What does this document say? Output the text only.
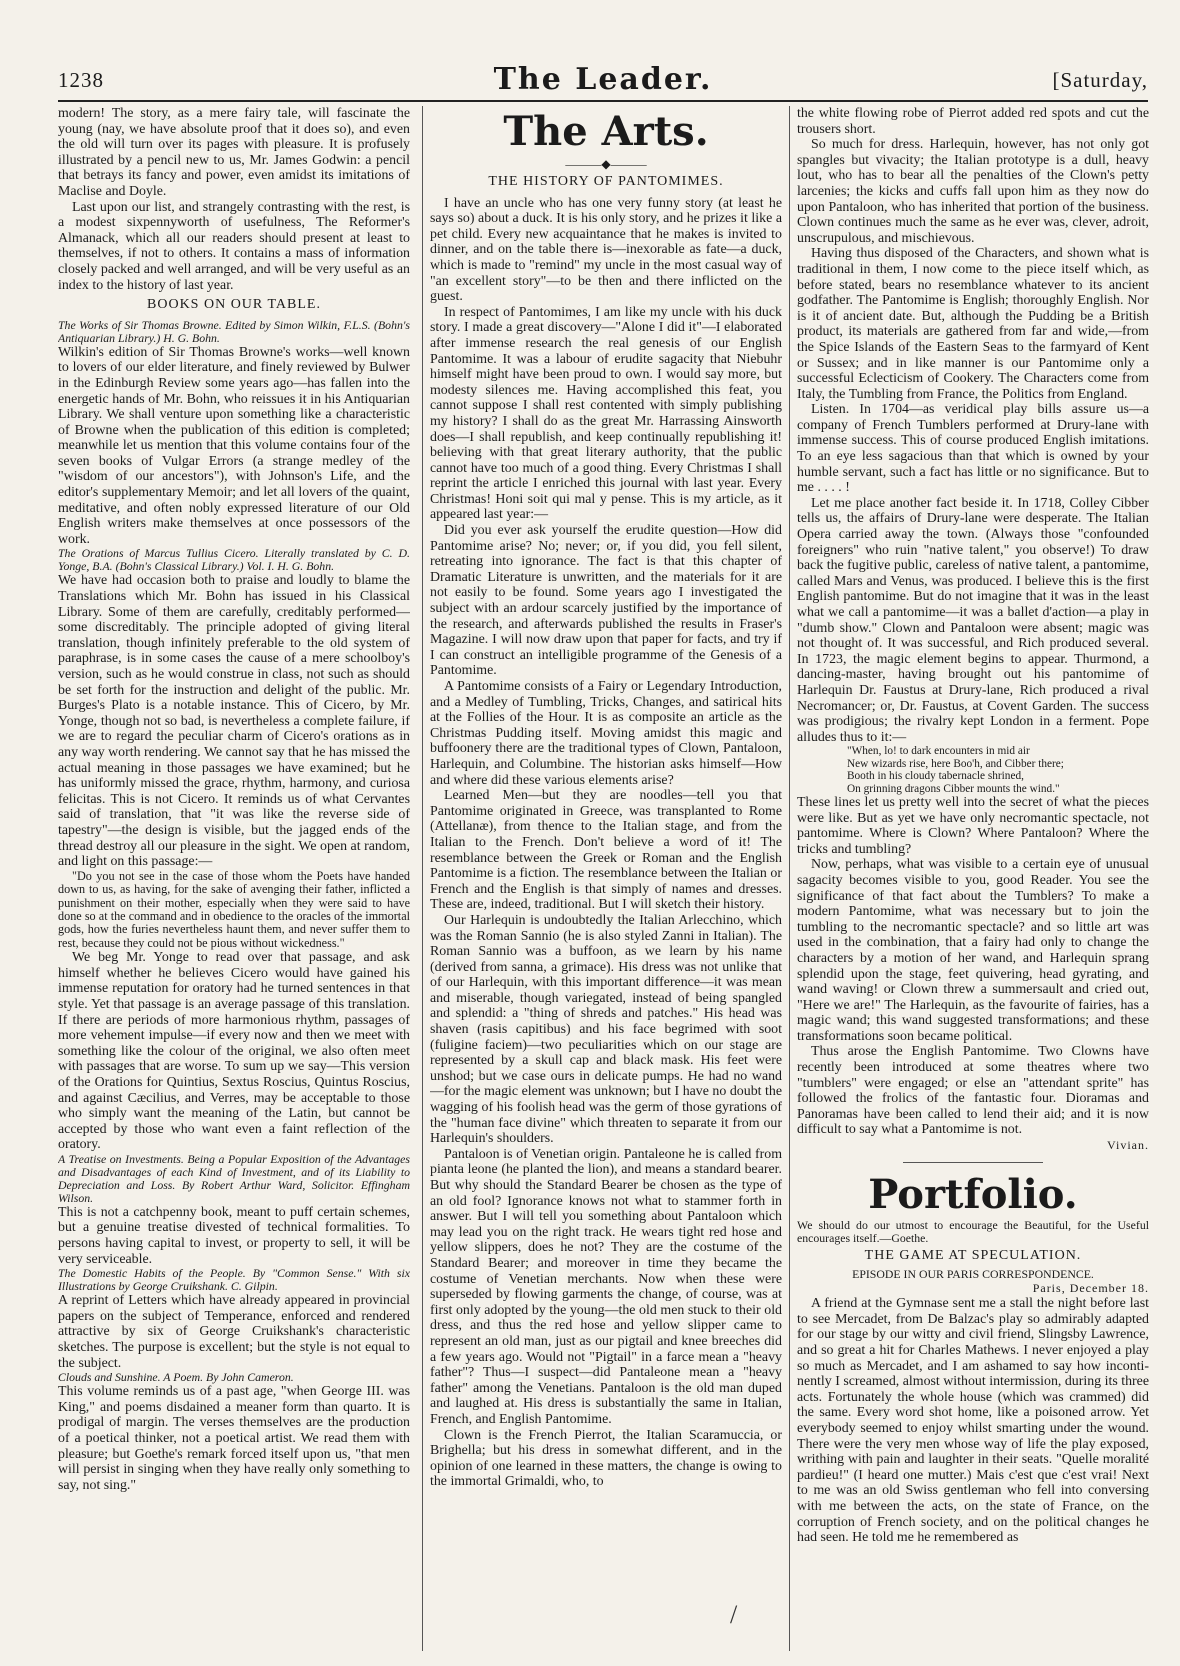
1238	The Leader.	[Saturday,

modern! The story, as a mere fairy tale, will fascinate the young (nay, we have absolute proof that it does so), and even the old will turn over its pages with pleasure. It is profusely illustrated by a pencil new to us, Mr. James Godwin: a pencil that betrays its fancy and power, even amidst its imitations of Maclise and Doyle.

Last upon our list, and strangely contrasting with the rest, is a modest sixpennyworth of usefulness, The Reformer's Almanack, which all our readers should present at least to themselves, if not to others. It contains a mass of information closely packed and well arranged, and will be very useful as an index to the history of last year.

BOOKS ON OUR TABLE.

The Works of Sir Thomas Browne. Edited by Simon Wilkin, F.L.S. (Bohn's Antiquarian Library.) H. G. Bohn.

Wilkin's edition of Sir Thomas Browne's works—well known to lovers of our elder literature, and finely reviewed by Bulwer in the Edinburgh Review some years ago—has fallen into the energetic hands of Mr. Bohn, who reissues it in his Antiquarian Library. We shall venture upon something like a characteristic of Browne when the publication of this edition is completed; meanwhile let us mention that this volume contains four of the seven books of Vulgar Errors (a strange medley of the "wisdom of our ancestors"), with Johnson's Life, and the editor's supplementary Memoir; and let all lovers of the quaint, meditative, and often nobly expressed literature of our Old English writers make themselves at once possessors of the work.

The Orations of Marcus Tullius Cicero. Literally translated by C. D. Yonge, B.A. (Bohn's Classical Library.) Vol. I. H. G. Bohn.

We have had occasion both to praise and loudly to blame the Translations which Mr. Bohn has issued in his Classical Library. Some of them are carefully, creditably performed—some discreditably. The principle adopted of giving literal translation, though infinitely preferable to the old system of paraphrase, is in some cases the cause of a mere schoolboy's version, such as he would construe in class, not such as should be set forth for the instruction and delight of the public. Mr. Burges's Plato is a notable instance. This of Cicero, by Mr. Yonge, though not so bad, is nevertheless a complete failure, if we are to regard the peculiar charm of Cicero's orations as in any way worth rendering. We cannot say that he has missed the actual meaning in those passages we have examined; but he has uniformly missed the grace, rhythm, harmony, and curiosa felicitas. This is not Cicero. It reminds us of what Cervantes said of translation, that "it was like the reverse side of tapestry"—the design is visible, but the jagged ends of the thread destroy all our pleasure in the sight. We open at random, and light on this passage:—

"Do you not see in the case of those whom the Poets have handed down to us, as having, for the sake of avenging their father, inflicted a punishment on their mother, especially when they were said to have done so at the command and in obedience to the oracles of the immortal gods, how the furies nevertheless haunt them, and never suffer them to rest, because they could not be pious without wickedness."

We beg Mr. Yonge to read over that passage, and ask himself whether he believes Cicero would have gained his immense reputation for oratory had he turned sentences in that style. Yet that passage is an average passage of this translation. If there are periods of more harmonious rhythm, passages of more vehement impulse—if every now and then we meet with something like the colour of the original, we also often meet with passages that are worse. To sum up we say—This version of the Orations for Quintius, Sextus Roscius, Quintus Roscius, and against Cæcilius, and Verres, may be acceptable to those who simply want the meaning of the Latin, but cannot be accepted by those who want even a faint reflection of the oratory.

A Treatise on Investments. Being a Popular Exposition of the Advantages and Disadvantages of each Kind of Investment, and of its Liability to Depreciation and Loss. By Robert Arthur Ward, Solicitor. Effingham Wilson.

This is not a catchpenny book, meant to puff certain schemes, but a genuine treatise divested of technical formalities. To persons having capital to invest, or property to sell, it will be very serviceable.

The Domestic Habits of the People. By "Common Sense." With six Illustrations by George Cruikshank. C. Gilpin.

A reprint of Letters which have already appeared in provincial papers on the subject of Temperance, enforced and rendered attractive by six of George Cruikshank's characteristic sketches. The purpose is excellent; but the style is not equal to the subject.

Clouds and Sunshine. A Poem. By John Cameron.

This volume reminds us of a past age, "when George III. was King," and poems disdained a meaner form than quarto. It is prodigal of margin. The verses themselves are the production of a poetical thinker, not a poetical artist. We read them with pleasure; but Goethe's remark forced itself upon us, "that men will persist in singing when they have really only something to say, not sing."

The Arts.
———◆———
THE HISTORY OF PANTOMIMES.

I have an uncle who has one very funny story (at least he says so) about a duck. It is his only story, and he prizes it like a pet child. Every new acquaintance that he makes is invited to dinner, and on the table there is—inexorable as fate—a duck, which is made to "remind" my uncle in the most casual way of "an excellent story"—to be then and there inflicted on the guest.

In respect of Pantomimes, I am like my uncle with his duck story. I made a great discovery—"Alone I did it"—I elaborated after immense research the real genesis of our English Pantomime. It was a labour of erudite sagacity that Niebuhr himself might have been proud to own. I would say more, but modesty silences me. Having accomplished this feat, you cannot suppose I shall rest contented with simply publishing my history? I shall do as the great Mr. Harrassing Ainsworth does—I shall republish, and keep continually republishing it! believing with that great literary authority, that the public cannot have too much of a good thing. Every Christmas I shall reprint the article I enriched this journal with last year. Every Christmas! Honi soit qui mal y pense. This is my article, as it appeared last year:—

Did you ever ask yourself the erudite question—How did Pantomime arise? No; never; or, if you did, you fell silent, retreating into ignorance. The fact is that this chapter of Dramatic Literature is unwritten, and the materials for it are not easily to be found. Some years ago I investigated the subject with an ardour scarcely justified by the importance of the research, and afterwards published the results in Fraser's Magazine. I will now draw upon that paper for facts, and try if I can construct an intelligible programme of the Genesis of a Pantomime.

A Pantomime consists of a Fairy or Legendary Introduction, and a Medley of Tumbling, Tricks, Changes, and satirical hits at the Follies of the Hour. It is as composite an article as the Christmas Pudding itself. Moving amidst this magic and buffoonery there are the traditional types of Clown, Pantaloon, Harlequin, and Columbine. The historian asks himself—How and where did these various elements arise?

Learned Men—but they are noodles—tell you that Pantomime originated in Greece, was transplanted to Rome (Attellanæ), from thence to the Italian stage, and from the Italian to the French. Don't believe a word of it! The resemblance between the Greek or Roman and the English Pantomime is a fiction. The resemblance between the Italian or French and the English is that simply of names and dresses. These are, indeed, traditional. But I will sketch their history.

Our Harlequin is undoubtedly the Italian Arlecchino, which was the Roman Sannio (he is also styled Zanni in Italian). The Roman Sannio was a buffoon, as we learn by his name (derived from sanna, a grimace). His dress was not unlike that of our Harlequin, with this important difference—it was mean and miserable, though variegated, instead of being spangled and splendid: a "thing of shreds and patches." His head was shaven (rasis capitibus) and his face begrimed with soot (fuligine faciem)—two peculiarities which on our stage are represented by a skull cap and black mask. His feet were unshod; but we case ours in delicate pumps. He had no wand—for the magic element was unknown; but I have no doubt the wagging of his foolish head was the germ of those gyrations of the "human face divine" which threaten to separate it from our Harlequin's shoulders.

Pantaloon is of Venetian origin. Pantaleone he is called from pianta leone (he planted the lion), and means a standard bearer. But why should the Standard Bearer be chosen as the type of an old fool? Ignorance knows not what to stammer forth in answer. But I will tell you something about Pantaloon which may lead you on the right track. He wears tight red hose and yellow slippers, does he not? They are the costume of the Standard Bearer; and moreover in time they became the costume of Venetian merchants. Now when these were superseded by flowing garments the change, of course, was at first only adopted by the young—the old men stuck to their old dress, and thus the red hose and yellow slipper came to represent an old man, just as our pigtail and knee breeches did a few years ago. Would not "Pigtail" in a farce mean a "heavy father"? Thus—I suspect—did Pantaleone mean a "heavy father" among the Venetians. Pantaloon is the old man duped and laughed at. His dress is substantially the same in Italian, French, and English Pantomime.

Clown is the French Pierrot, the Italian Scaramuccia, or Brighella; but his dress in somewhat different, and in the opinion of one learned in these matters, the change is owing to the immortal Grimaldi, who, to

the white flowing robe of Pierrot added red spots and cut the trousers short.

So much for dress. Harlequin, however, has not only got spangles but vivacity; the Italian prototype is a dull, heavy lout, who has to bear all the penalties of the Clown's petty larcenies; the kicks and cuffs fall upon him as they now do upon Pantaloon, who has inherited that portion of the business. Clown continues much the same as he ever was, clever, adroit, unscrupulous, and mischievous.

Having thus disposed of the Characters, and shown what is traditional in them, I now come to the piece itself which, as before stated, bears no resemblance whatever to its ancient godfather. The Pantomime is English; thoroughly English. Nor is it of ancient date. But, although the Pudding be a British product, its materials are gathered from far and wide,—from the Spice Islands of the Eastern Seas to the farmyard of Kent or Sussex; and in like manner is our Pantomime only a successful Eclecticism of Cookery. The Characters come from Italy, the Tumbling from France, the Politics from England.

Listen. In 1704—as veridical play bills assure us—a company of French Tumblers performed at Drury-lane with immense success. This of course produced English imitations. To an eye less sagacious than that which is owned by your humble servant, such a fact has little or no significance. But to me . . . . !

Let me place another fact beside it. In 1718, Colley Cibber tells us, the affairs of Drury-lane were desperate. The Italian Opera carried away the town. (Always those "confounded foreigners" who ruin "native talent," you observe!) To draw back the fugitive public, careless of native talent, a pantomime, called Mars and Venus, was produced. I believe this is the first English pantomime. But do not imagine that it was in the least what we call a pantomime—it was a ballet d'action—a play in "dumb show." Clown and Pantaloon were absent; magic was not thought of. It was successful, and Rich produced several. In 1723, the magic element begins to appear. Thurmond, a dancing-master, having brought out his pantomime of Harlequin Dr. Faustus at Drury-lane, Rich produced a rival Necromancer; or, Dr. Faustus, at Covent Garden. The success was prodigious; the rivalry kept London in a ferment. Pope alludes thus to it:—

"When, lo! to dark encounters in mid air

New wizards rise, here Boo'h, and Cibber there;

Booth in his cloudy tabernacle shrined,

On grinning dragons Cibber mounts the wind."

These lines let us pretty well into the secret of what the pieces were like. But as yet we have only necromantic spectacle, not pantomime. Where is Clown? Where Pantaloon? Where the tricks and tumbling?

Now, perhaps, what was visible to a certain eye of unusual sagacity becomes visible to you, good Reader. You see the significance of that fact about the Tumblers? To make a modern Pantomime, what was necessary but to join the tumbling to the necromantic spectacle? and so little art was used in the combination, that a fairy had only to change the characters by a motion of her wand, and Harlequin sprang splendid upon the stage, feet quivering, head gyrating, and wand waving! or Clown threw a summersault and cried out, "Here we are!" The Harlequin, as the favourite of fairies, has a magic wand; this wand suggested transformations; and these transformations soon became political.

Thus arose the English Pantomime. Two Clowns have recently been introduced at some theatres where two "tumblers" were engaged; or else an "attendant sprite" has followed the frolics of the fantastic four. Dioramas and Panoramas have been called to lend their aid; and it is now difficult to say what a Pantomime is not.

Vivian.
Portfolio.

We should do our utmost to encourage the Beautiful, for the Useful encourages itself.—Goethe.

THE GAME AT SPECULATION.
EPISODE IN OUR PARIS CORRESPONDENCE.
Paris, December 18.

A friend at the Gymnase sent me a stall the night before last to see Mercadet, from De Balzac's play so admirably adapted for our stage by our witty and civil friend, Slingsby Lawrence, and so great a hit for Charles Mathews. I never enjoyed a play so much as Mercadet, and I am ashamed to say how inconti-nently I screamed, almost without intermission, during its three acts. Fortunately the whole house (which was crammed) did the same. Every word shot home, like a poisoned arrow. Yet everybody seemed to enjoy whilst smarting under the wound. There were the very men whose way of life the play exposed, writhing with pain and laughter in their seats. "Quelle moralité pardieu!" (I heard one mutter.) Mais c'est que c'est vrai! Next to me was an old Swiss gentleman who fell into conversing with me between the acts, on the state of France, on the corruption of French society, and on the political changes he had seen. He told me he remembered as

/
